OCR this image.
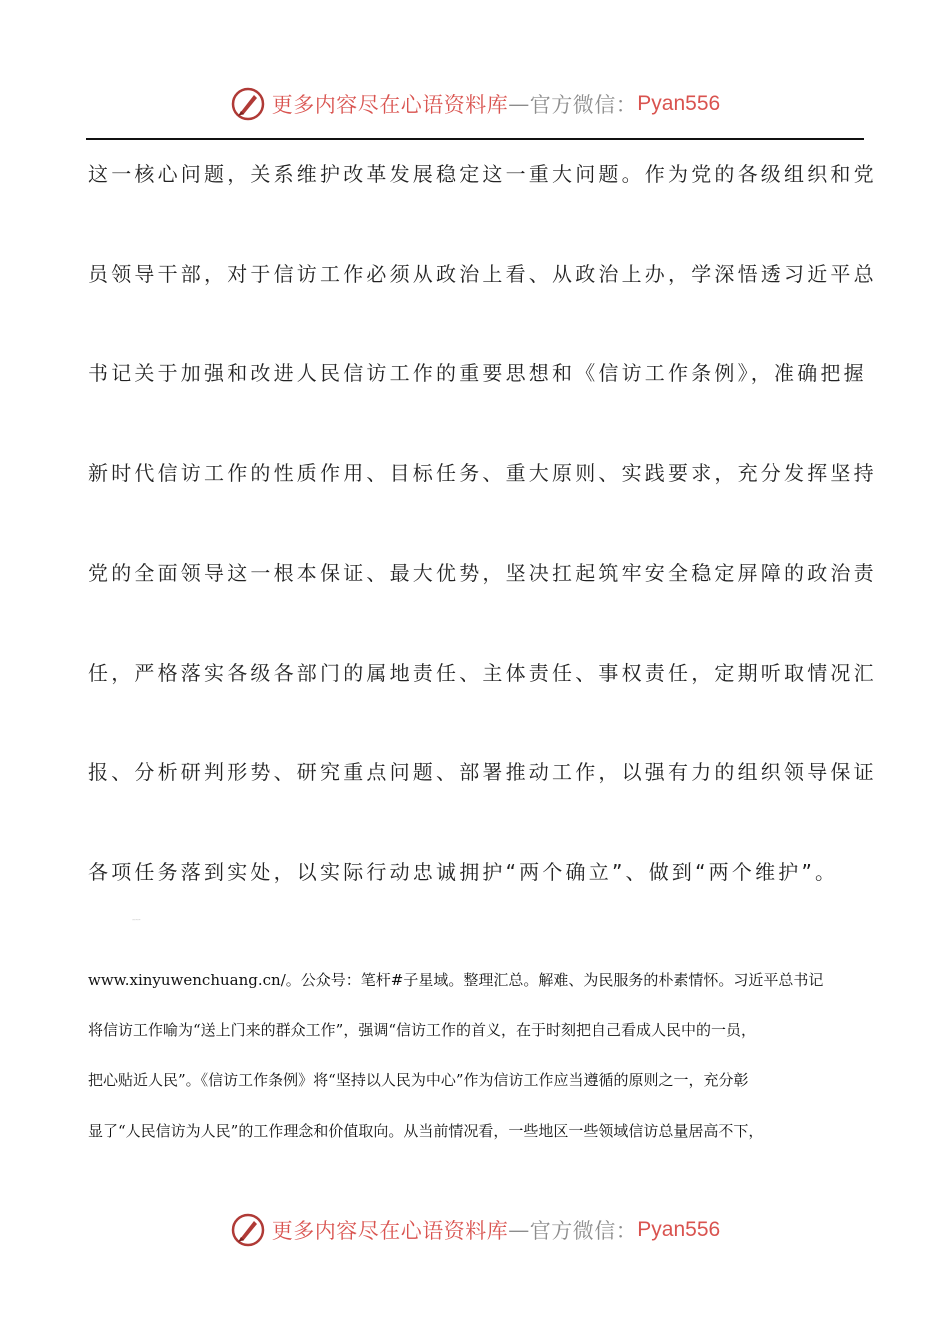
更多内容尽在心语资料库 — 官方微信： Pyan556

这一核心问题，关系维护改革发展稳定这一重大问题。作为党的各级组织和党

员领导干部，对于信访工作必须从政治上看、从政治上办，学深悟透习近平总

书记关于加强和改进人民信访工作的重要思想和《信访工作条例》，准确把握

新时代信访工作的性质作用、目标任务、重大原则、实践要求，充分发挥坚持

党的全面领导这一根本保证、最大优势，坚决扛起筑牢安全稳定屏障的政治责

任，严格落实各级各部门的属地责任、主体责任、事权责任，定期听取情况汇

报、分析研判形势、研究重点问题、部署推动工作，以强有力的组织领导保证

各项任务落到实处，以实际行动忠诚拥护“两个确立”、做到“两个维护”。

www.xinyuwenchuang.cn/。公众号：笔杆#子星域。整理汇总。解难、为民服务的朴素情怀。习近平总书记

将信访工作喻为“送上门来的群众工作”，强调“信访工作的首义，在于时刻把自己看成人民中的一员，

把心贴近人民”。《信访工作条例》将“坚持以人民为中心”作为信访工作应当遵循的原则之一，充分彰

显了“人民信访为人民”的工作理念和价值取向。从当前情况看，一些地区一些领域信访总量居高不下，

更多内容尽在心语资料库 — 官方微信： Pyan556
